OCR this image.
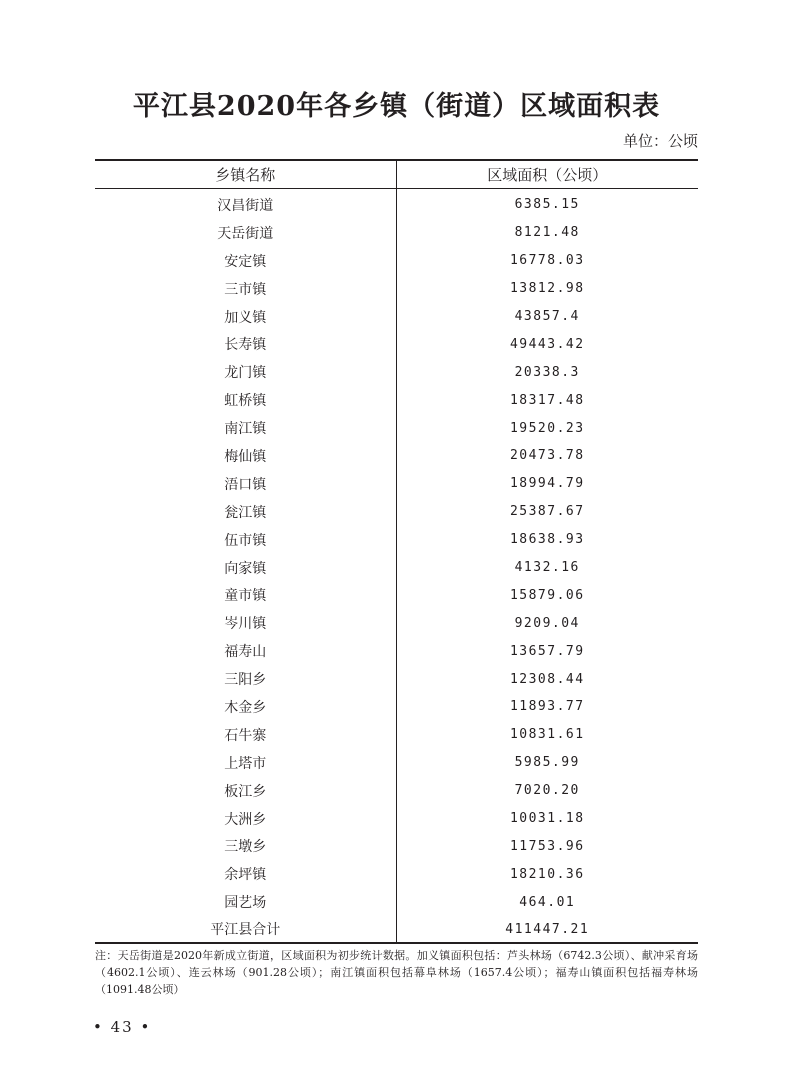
平江县2020年各乡镇（街道）区域面积表
单位：公顷
乡镇名称	区域面积（公顷）
汉昌街道	6385.15
天岳街道	8121.48
安定镇	16778.03
三市镇	13812.98
加义镇	43857.4
长寿镇	49443.42
龙门镇	20338.3
虹桥镇	18317.48
南江镇	19520.23
梅仙镇	20473.78
浯口镇	18994.79
瓮江镇	25387.67
伍市镇	18638.93
向家镇	4132.16
童市镇	15879.06
岑川镇	9209.04
福寿山	13657.79
三阳乡	12308.44
木金乡	11893.77
石牛寨	10831.61
上塔市	5985.99
板江乡	7020.20
大洲乡	10031.18
三墩乡	11753.96
余坪镇	18210.36
园艺场	464.01
平江县合计	411447.21
注：天岳街道是2020年新成立街道，区域面积为初步统计数据。加义镇面积包括：芦头林场（6742.3公顷）、献冲采育场（4602.1公顷）、连云林场（901.28公顷）；南江镇面积包括幕阜林场（1657.4公顷）；福寿山镇面积包括福寿林场（1091.48公顷）
• 43 •
